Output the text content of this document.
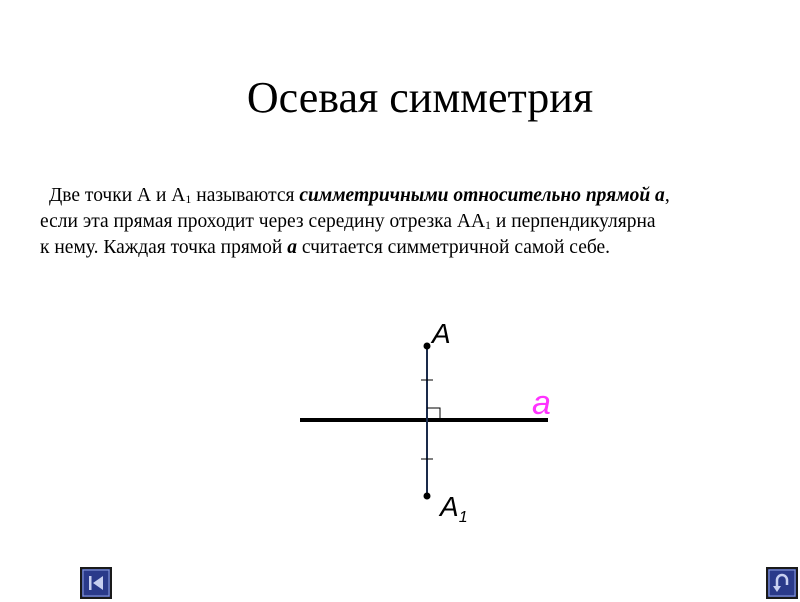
Осевая симметрия
Две точки А и $А_1$ называются симметричными относительно прямой а,
если эта прямая проходит через середину отрезка $АА_1$ и перпендикулярна
к нему. Каждая точка прямой а считается симметричной самой себе.
A
$A_1$
a
